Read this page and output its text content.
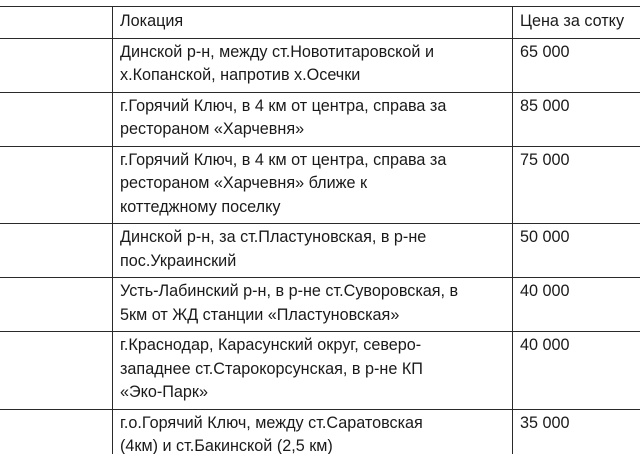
	Локация	Цена за сотку

Динской р-н, между ст.Новотитаровской и
х.Копанской, напротив х.Осечки	65 000

г.Горячий Ключ, в 4 км от центра, справа за
рестораном «Харчевня»	85 000

г.Горячий Ключ, в 4 км от центра, справа за
рестораном «Харчевня» ближе к
коттеджному поселку	75 000

Динской р-н, за ст.Пластуновская, в р-не
пос.Украинский	50 000

Усть-Лабинский р-н, в р-не ст.Суворовская, в
5км от ЖД станции «Пластуновская»	40 000

г.Краснодар, Карасунский округ, северо-
западнее ст.Старокорсунская, в р-не КП
«Эко-Парк»	40 000

г.о.Горячий Ключ, между ст.Саратовская
(4км) и ст.Бакинской (2,5 км)	35 000
